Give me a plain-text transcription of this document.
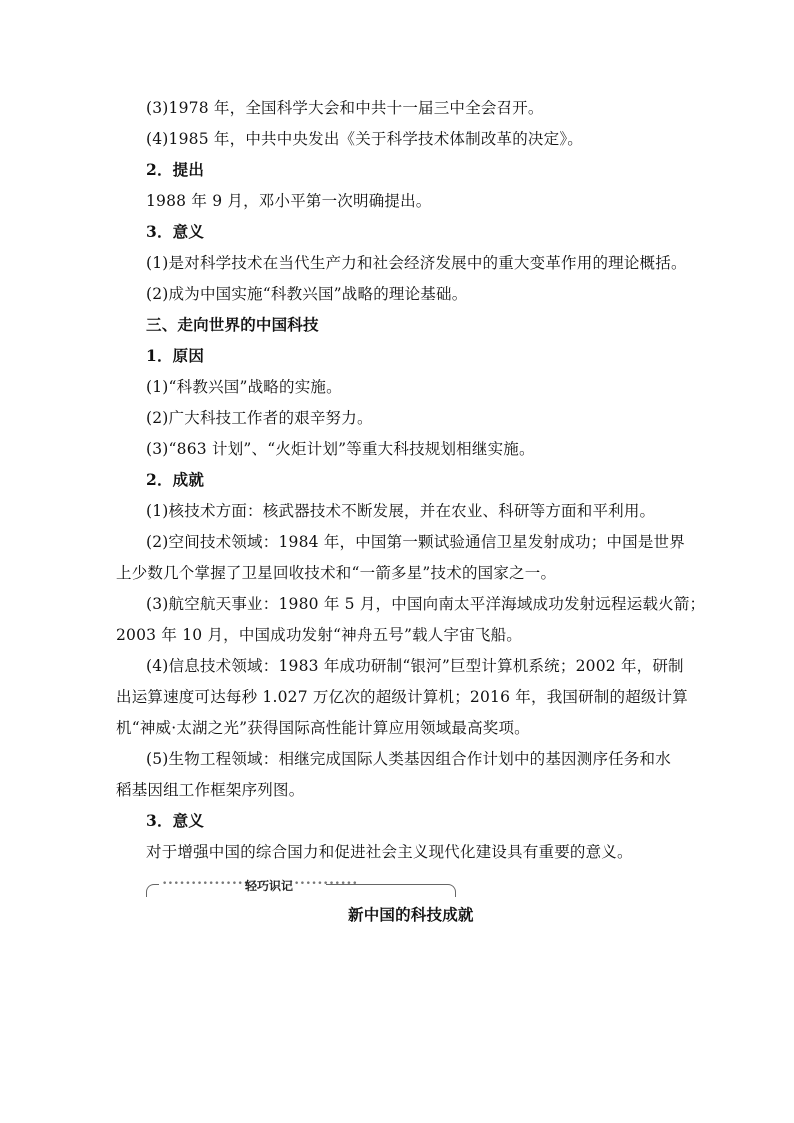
(3)1978 年，全国科学大会和中共十一届三中全会召开。
(4)1985 年，中共中央发出《关于科学技术体制改革的决定》。
2．提出
1988 年 9 月，邓小平第一次明确提出。
3．意义
(1)是对科学技术在当代生产力和社会经济发展中的重大变革作用的理论概括。
(2)成为中国实施“科教兴国”战略的理论基础。
三、走向世界的中国科技
1．原因
(1)“科教兴国”战略的实施。
(2)广大科技工作者的艰辛努力。
(3)“863 计划”、“火炬计划”等重大科技规划相继实施。
2．成就
(1)核技术方面：核武器技术不断发展，并在农业、科研等方面和平利用。
(2)空间技术领域：1984 年，中国第一颗试验通信卫星发射成功；中国是世界
上少数几个掌握了卫星回收技术和“一箭多星”技术的国家之一。
(3)航空航天事业：1980 年 5 月，中国向南太平洋海域成功发射远程运载火箭；
2003 年 10 月，中国成功发射“神舟五号”载人宇宙飞船。
(4)信息技术领域：1983 年成功研制“银河”巨型计算机系统；2002 年，研制
出运算速度可达每秒 1.027 万亿次的超级计算机；2016 年，我国研制的超级计算
机“神威·太湖之光”获得国际高性能计算应用领域最高奖项。
(5)生物工程领域：相继完成国际人类基因组合作计划中的基因测序任务和水
稻基因组工作框架序列图。
3．意义
对于增强中国的综合国力和促进社会主义现代化建设具有重要的意义。
•••••••••••••••
轻巧识记 •••••••••••
新中国的科技成就
